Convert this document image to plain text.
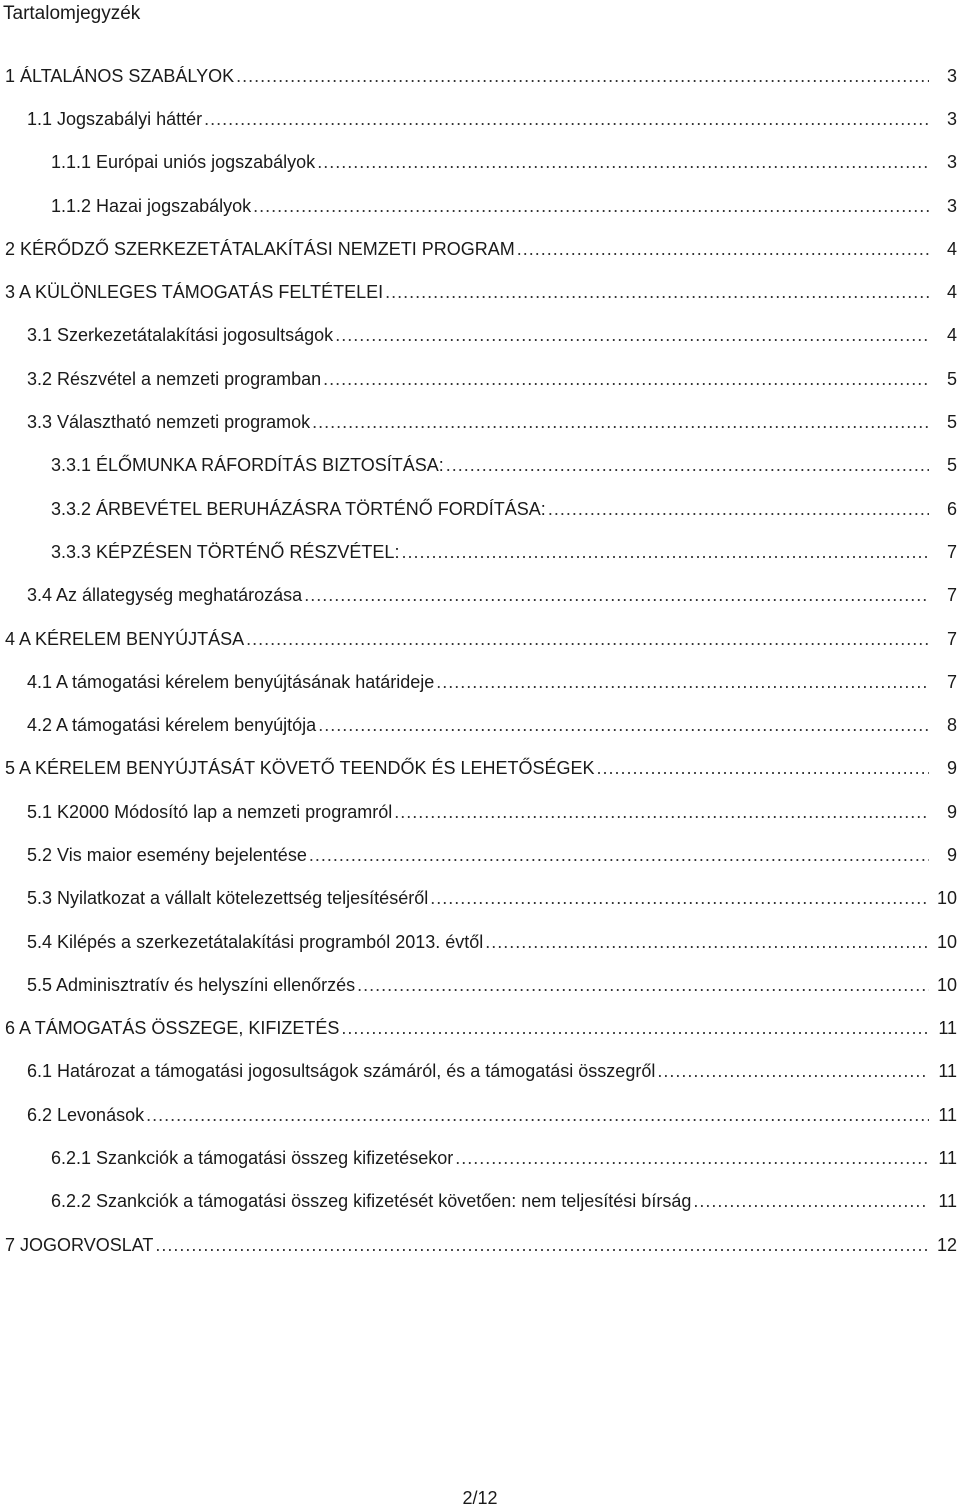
Tartalomjegyzék
1 ÁLTALÁNOS SZABÁLYOK .....	3
1.1 Jogszabályi háttér .....	3
1.1.1 Európai uniós jogszabályok .....	3
1.1.2 Hazai jogszabályok .....	3
2 KÉRŐDZŐ SZERKEZETÁTALAKÍTÁSI NEMZETI PROGRAM .....	4
3 A KÜLÖNLEGES TÁMOGATÁS FELTÉTELEI .....	4
3.1 Szerkezetátalakítási jogosultságok .....	4
3.2 Részvétel a nemzeti programban .....	5
3.3 Választható nemzeti programok .....	5
3.3.1 ÉLŐMUNKA RÁFORDÍTÁS BIZTOSÍTÁSA: .....	5
3.3.2 ÁRBEVÉTEL BERUHÁZÁSRA TÖRTÉNŐ FORDÍTÁSA: .....	6
3.3.3 KÉPZÉSEN TÖRTÉNŐ RÉSZVÉTEL: .....	7
3.4 Az állategység meghatározása .....	7
4 A KÉRELEM BENYÚJTÁSA .....	7
4.1 A támogatási kérelem benyújtásának határideje .....	7
4.2 A támogatási kérelem benyújtója .....	8
5 A KÉRELEM BENYÚJTÁSÁT KÖVETŐ TEENDŐK ÉS LEHETŐSÉGEK .....	9
5.1 K2000 Módosító lap a nemzeti programról .....	9
5.2 Vis maior esemény bejelentése .....	9
5.3 Nyilatkozat a vállalt kötelezettség teljesítéséről .....	10
5.4 Kilépés a szerkezetátalakítási programból 2013. évtől .....	10
5.5 Adminisztratív és helyszíni ellenőrzés .....	10
6 A TÁMOGATÁS ÖSSZEGE, KIFIZETÉS .....	11
6.1 Határozat a támogatási jogosultságok számáról, és a támogatási összegről .....	11
6.2 Levonások .....	11
6.2.1 Szankciók a támogatási összeg kifizetésekor .....	11
6.2.2 Szankciók a támogatási összeg kifizetését követően: nem teljesítési bírság .....	11
7 JOGORVOSLAT .....	12
2/12
